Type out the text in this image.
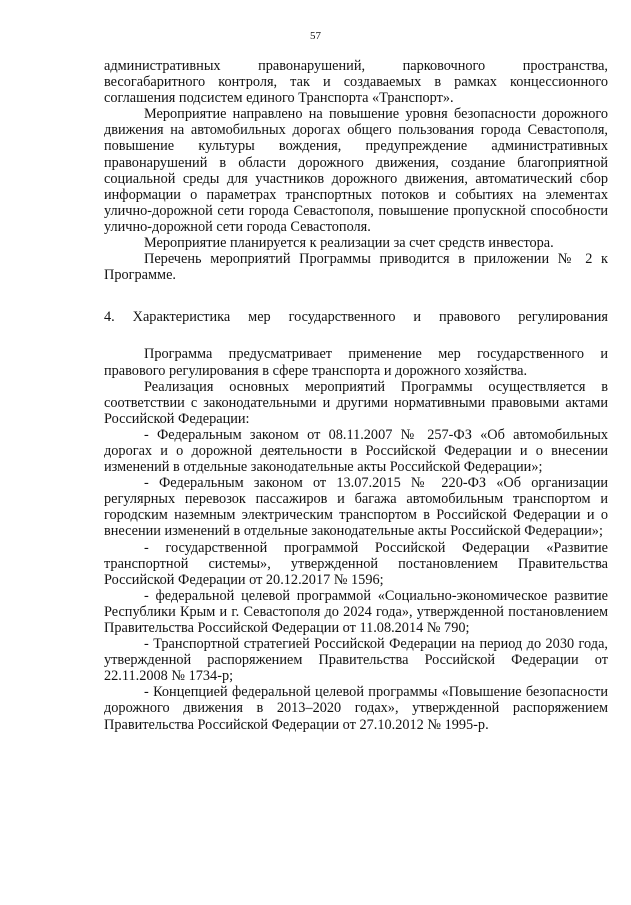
57

административных правонарушений, парковочного пространства, весогабаритного контроля, так и создаваемых в рамках концессионного соглашения подсистем единого Транспорта «Транспорт».

Мероприятие направлено на повышение уровня безопасности дорожного движения на автомобильных дорогах общего пользования города Севастополя, повышение культуры вождения, предупреждение административных правонарушений в области дорожного движения, создание благоприятной социальной среды для участников дорожного движения, автоматический сбор информации о параметрах транспортных потоков и событиях на элементах улично-дорожной сети города Севастополя, повышение пропускной способности улично-дорожной сети города Севастополя.

Мероприятие планируется к реализации за счет средств инвестора.

Перечень мероприятий Программы приводится в приложении № 2 к Программе.

4. Характеристика мер государственного и правового регулирования

Программа предусматривает применение мер государственного и правового регулирования в сфере транспорта и дорожного хозяйства.

Реализация основных мероприятий Программы осуществляется в соответствии с законодательными и другими нормативными правовыми актами Российской Федерации:

- Федеральным законом от 08.11.2007 № 257-ФЗ «Об автомобильных дорогах и о дорожной деятельности в Российской Федерации и о внесении изменений в отдельные законодательные акты Российской Федерации»;

- Федеральным законом от 13.07.2015 № 220-ФЗ «Об организации регулярных перевозок пассажиров и багажа автомобильным транспортом и городским наземным электрическим транспортом в Российской Федерации и о внесении изменений в отдельные законодательные акты Российской Федерации»;

- государственной программой Российской Федерации «Развитие транспортной системы», утвержденной постановлением Правительства Российской Федерации от 20.12.2017 № 1596;

- федеральной целевой программой «Социально-экономическое развитие Республики Крым и г. Севастополя до 2024 года», утвержденной постановлением Правительства Российской Федерации от 11.08.2014 № 790;

- Транспортной стратегией Российской Федерации на период до 2030 года, утвержденной распоряжением Правительства Российской Федерации от 22.11.2008 № 1734-р;

- Концепцией федеральной целевой программы «Повышение безопасности дорожного движения в 2013–2020 годах», утвержденной распоряжением Правительства Российской Федерации от 27.10.2012 № 1995-р.
